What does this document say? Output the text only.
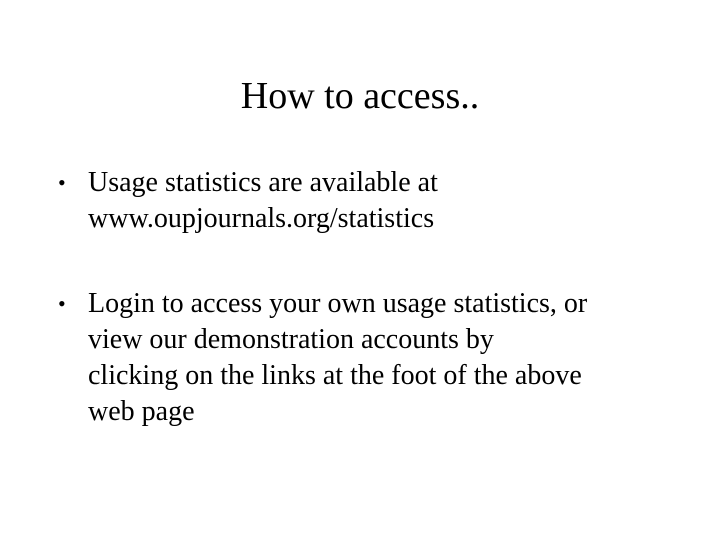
How to access..
• Usage statistics are available at
www.oupjournals.org/statistics
• Login to access your own usage statistics, or
view our demonstration accounts by
clicking on the links at the foot of the above
web page
